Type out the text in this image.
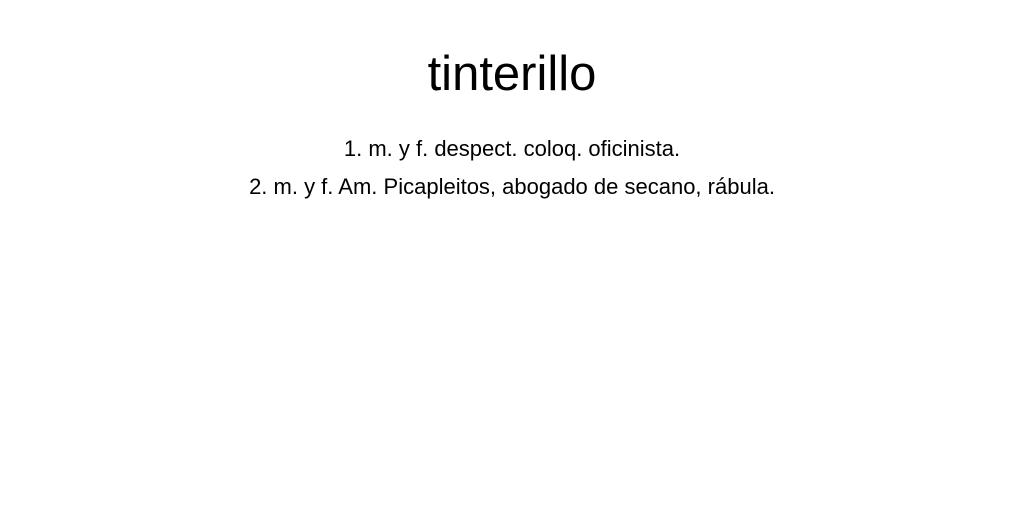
tinterillo
1. m. y f. despect. coloq. oficinista.
2. m. y f. Am. Picapleitos, abogado de secano, rábula.
